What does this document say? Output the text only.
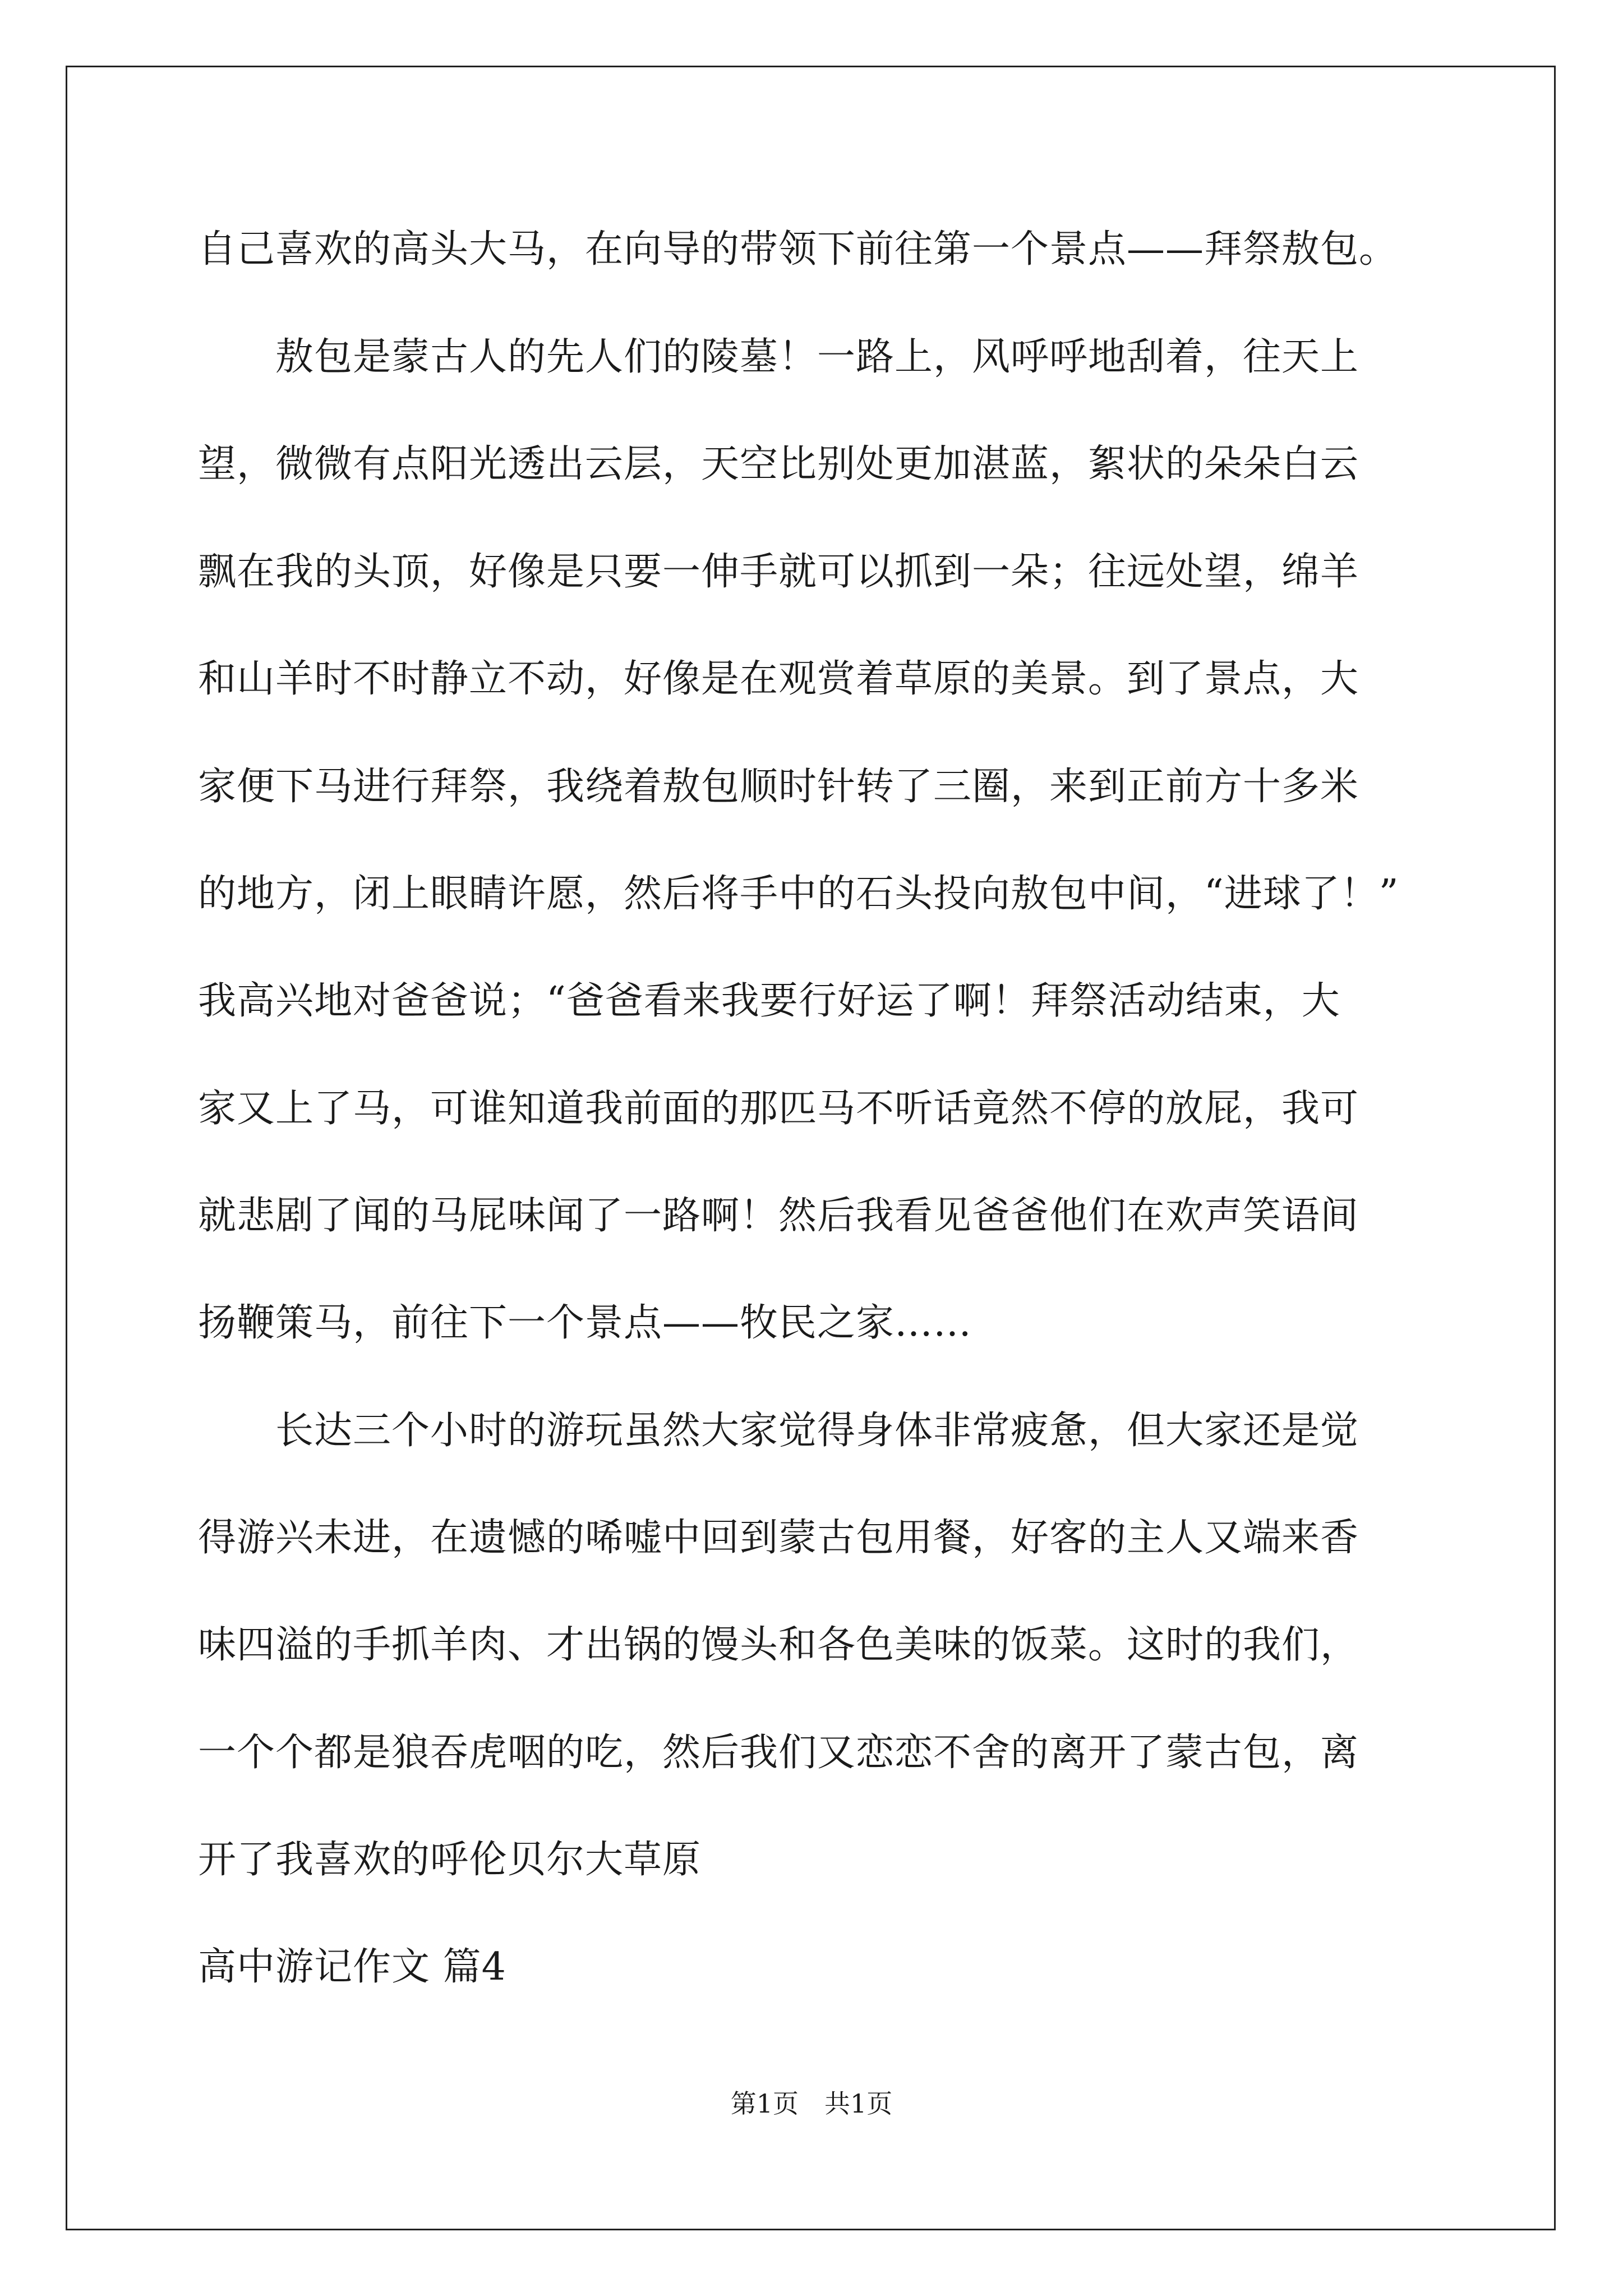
自己喜欢的高头大马，在向导的带领下前往第一个景点——拜祭敖包。
　　敖包是蒙古人的先人们的陵墓！一路上，风呼呼地刮着，往天上
望，微微有点阳光透出云层，天空比别处更加湛蓝，絮状的朵朵白云
飘在我的头顶，好像是只要一伸手就可以抓到一朵；往远处望，绵羊
和山羊时不时静立不动，好像是在观赏着草原的美景。到了景点，大
家便下马进行拜祭，我绕着敖包顺时针转了三圈，来到正前方十多米
的地方，闭上眼睛许愿，然后将手中的石头投向敖包中间，“进球了！”
我高兴地对爸爸说；“爸爸看来我要行好运了啊！拜祭活动结束，大
家又上了马，可谁知道我前面的那匹马不听话竟然不停的放屁，我可
就悲剧了闻的马屁味闻了一路啊！然后我看见爸爸他们在欢声笑语间
扬鞭策马，前往下一个景点——牧民之家……
　　长达三个小时的游玩虽然大家觉得身体非常疲惫，但大家还是觉
得游兴未进，在遗憾的唏嘘中回到蒙古包用餐，好客的主人又端来香
味四溢的手抓羊肉、才出锅的馒头和各色美味的饭菜。这时的我们，
一个个都是狼吞虎咽的吃，然后我们又恋恋不舍的离开了蒙古包，离
开了我喜欢的呼伦贝尔大草原
高中游记作文 篇4
第1页　共1页
